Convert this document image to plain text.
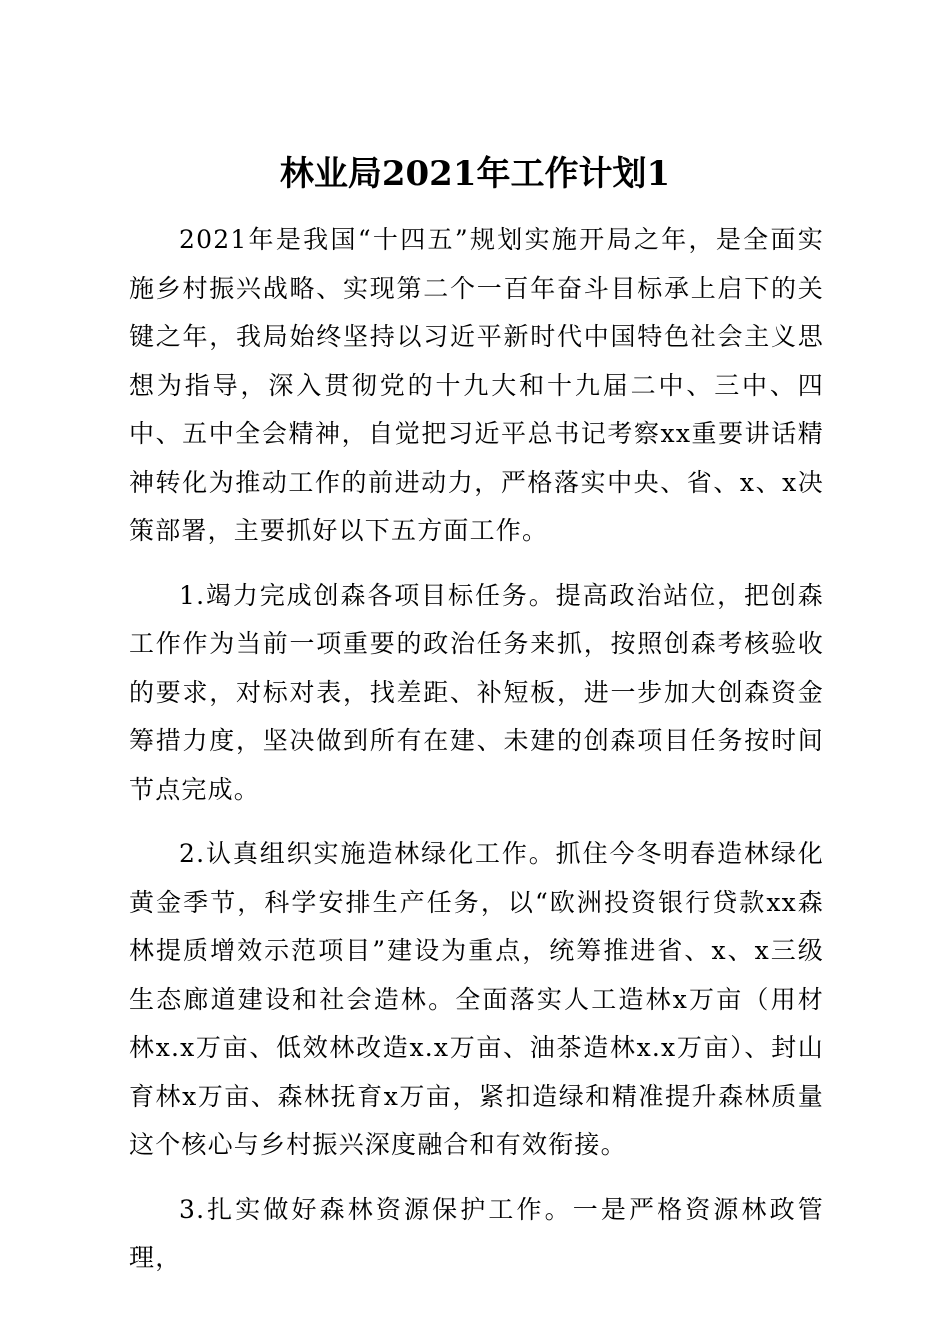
林业局2021年工作计划1

2021年是我国“十四五”规划实施开局之年，是全面实施乡村振兴战略、实现第二个一百年奋斗目标承上启下的关键之年，我局始终坚持以习近平新时代中国特色社会主义思想为指导，深入贯彻党的十九大和十九届二中、三中、四中、五中全会精神，自觉把习近平总书记考察xx重要讲话精神转化为推动工作的前进动力，严格落实中央、省、x、x决策部署，主要抓好以下五方面工作。

1.竭力完成创森各项目标任务。提高政治站位，把创森工作作为当前一项重要的政治任务来抓，按照创森考核验收的要求，对标对表，找差距、补短板，进一步加大创森资金筹措力度，坚决做到所有在建、未建的创森项目任务按时间节点完成。

2.认真组织实施造林绿化工作。抓住今冬明春造林绿化黄金季节，科学安排生产任务，以“欧洲投资银行贷款xx森林提质增效示范项目”建设为重点，统筹推进省、x、x三级生态廊道建设和社会造林。全面落实人工造林x万亩（用材林x.x万亩、低效林改造x.x万亩、油茶造林x.x万亩）、封山育林x万亩、森林抚育x万亩，紧扣造绿和精准提升森林质量这个核心与乡村振兴深度融合和有效衔接。

3.扎实做好森林资源保护工作。一是严格资源林政管理，
